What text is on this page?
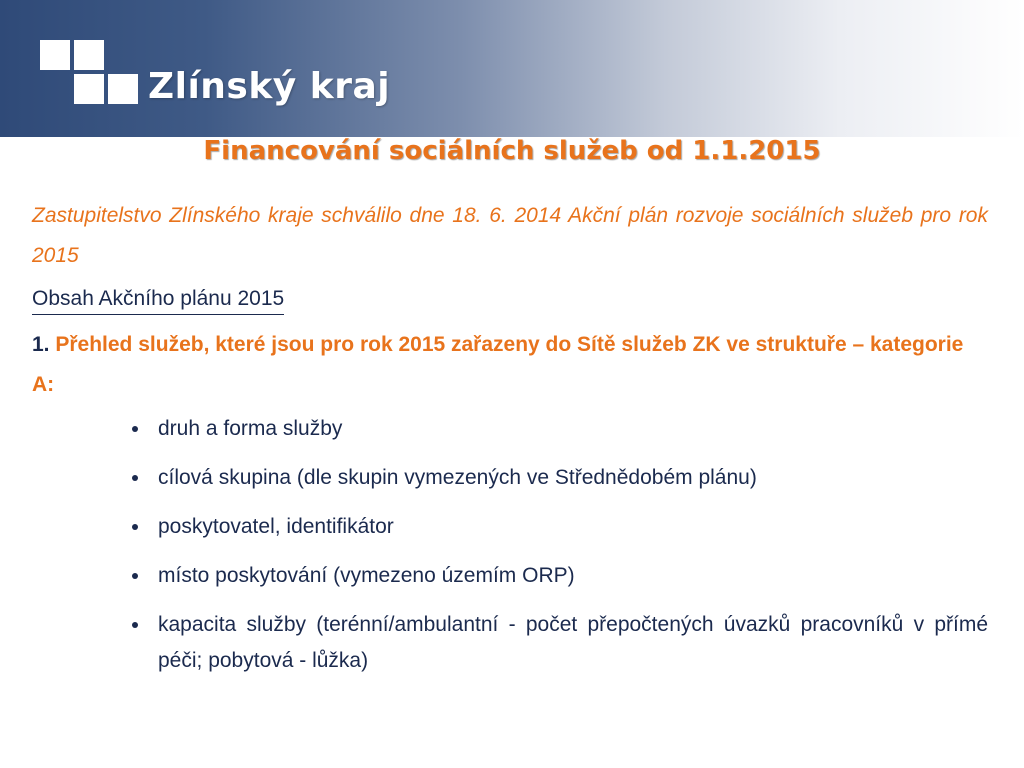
Zlínský kraj
Financování sociálních služeb od 1.1.2015

Zastupitelstvo Zlínského kraje schválilo dne 18. 6. 2014 Akční plán rozvoje sociálních služeb pro rok 2015

Obsah Akčního plánu 2015
1. Přehled služeb, které jsou pro rok 2015 zařazeny do Sítě služeb ZK ve struktuře – kategorie A:
druh a forma služby
cílová skupina (dle skupin vymezených ve Střednědobém plánu)
poskytovatel, identifikátor
místo poskytování (vymezeno územím ORP)
kapacita služby (terénní/ambulantní - počet přepočtených úvazků pracovníků v přímé péči; pobytová - lůžka)
